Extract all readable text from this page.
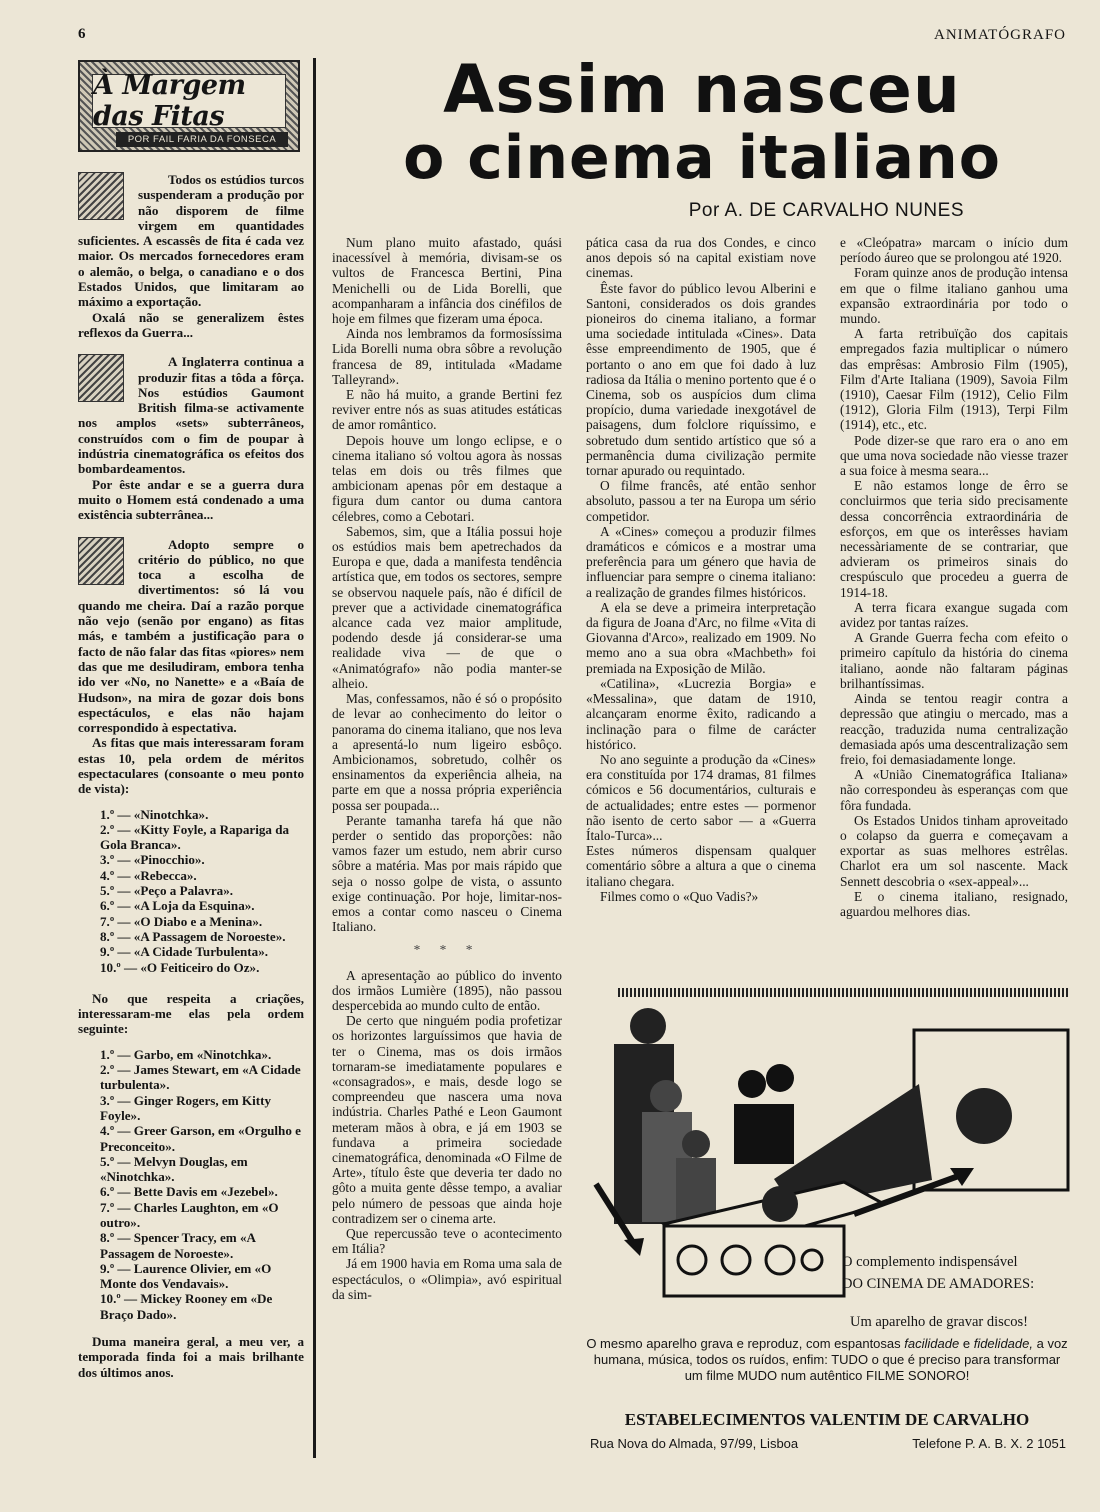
6	ANIMATÓGRAFO
À Margem das Fitas
POR FAIL FARIA DA FONSECA

Todos os estúdios turcos suspenderam a produção por não disporem de filme virgem em quantidades suficientes. A escassês de fita é cada vez maior. Os mercados fornecedores eram o alemão, o belga, o canadiano e o dos Estados Unidos, que limitaram ao máximo a exportação.

Oxalá não se generalizem êstes reflexos da Guerra...

A Inglaterra continua a produzir fitas a tôda a fôrça. Nos estúdios Gaumont British filma-se activamente nos amplos «sets» subterrâneos, construídos com o fim de poupar à indústria cinematográfica os efeitos dos bombardeamentos.

Por êste andar e se a guerra dura muito o Homem está condenado a uma existência subterrânea...

Adopto sempre o critério do público, no que toca a escolha de divertimentos: só lá vou quando me cheira. Daí a razão porque não vejo (senão por engano) as fitas más, e também a justificação para o facto de não falar das fitas «piores» nem das que me desiludiram, embora tenha ido ver «No, no Nanette» e a «Baía de Hudson», na mira de gozar dois bons espectáculos, e elas não hajam correspondido à espectativa.

As fitas que mais interessaram foram estas 10, pela ordem de méritos espectaculares (consoante o meu ponto de vista):

1.º — «Ninotchka».
2.º — «Kitty Foyle, a Rapariga da Gola Branca».
3.º — «Pinocchio».
4.º — «Rebecca».
5.º — «Peço a Palavra».
6.º — «A Loja da Esquina».
7.º — «O Diabo e a Menina».
8.º — «A Passagem de Noroeste».
9.º — «A Cidade Turbulenta».
10.º — «O Feiticeiro do Oz».

No que respeita a criações, interessaram-me elas pela ordem seguinte:

1.º — Garbo, em «Ninotchka».
2.º — James Stewart, em «A Cidade turbulenta».
3.º — Ginger Rogers, em Kitty Foyle».
4.º — Greer Garson, em «Orgulho e Preconceito».
5.º — Melvyn Douglas, em «Ninotchka».
6.º — Bette Davis em «Jezebel».
7.º — Charles Laughton, em «O outro».
8.º — Spencer Tracy, em «A Passagem de Noroeste».
9.º — Laurence Olivier, em «O Monte dos Vendavais».
10.º — Mickey Rooney em «De Braço Dado».

Duma maneira geral, a meu ver, a temporada finda foi a mais brilhante dos últimos anos.

Assim nasceu
o cinema italiano
Por A. DE CARVALHO NUNES

Num plano muito afastado, quási inacessível à memória, divisam-se os vultos de Francesca Bertini, Pina Menichelli ou de Lida Borelli, que acompanharam a infância dos cinéfilos de hoje em filmes que fizeram uma época.

Ainda nos lembramos da formosíssima Lida Borelli numa obra sôbre a revolução francesa de 89, intitulada «Madame Talleyrand».

E não há muito, a grande Bertini fez reviver entre nós as suas atitudes estáticas de amor romântico.

Depois houve um longo eclipse, e o cinema italiano só voltou agora às nossas telas em dois ou três filmes que ambicionam apenas pôr em destaque a figura dum cantor ou duma cantora célebres, como a Cebotari.

Sabemos, sim, que a Itália possui hoje os estúdios mais bem apetrechados da Europa e que, dada a manifesta tendência artística que, em todos os sectores, sempre se observou naquele país, não é difícil de prever que a actividade cinematográfica alcance cada vez maior amplitude, podendo desde já considerar-se uma realidade viva — de que o «Animatógrafo» não podia manter-se alheio.

Mas, confessamos, não é só o propósito de levar ao conhecimento do leitor o panorama do cinema italiano, que nos leva a apresentá-lo num ligeiro esbôço. Ambicionamos, sobretudo, colhêr os ensinamentos da experiência alheia, na parte em que a nossa própria experiência possa ser poupada...

Perante tamanha tarefa há que não perder o sentido das proporções: não vamos fazer um estudo, nem abrir curso sôbre a matéria. Mas por mais rápido que seja o nosso golpe de vista, o assunto exige continuação. Por hoje, limitar-nos-emos a contar como nasceu o Cinema Italiano.

* * *

A apresentação ao público do invento dos irmãos Lumière (1895), não passou despercebida ao mundo culto de então.

De certo que ninguém podia profetizar os horizontes larguíssimos que havia de ter o Cinema, mas os dois irmãos tornaram-se imediatamente populares e «consagrados», e mais, desde logo se compreendeu que nascera uma nova indústria. Charles Pathé e Leon Gaumont meteram mãos à obra, e já em 1903 se fundava a primeira sociedade cinematográfica, denominada «O Filme de Arte», título êste que deveria ter dado no gôto a muita gente dêsse tempo, a avaliar pelo número de pessoas que ainda hoje contradizem ser o cinema arte.

Que repercussão teve o acontecimento em Itália?

Já em 1900 havia em Roma uma sala de espectáculos, o «Olimpia», avó espiritual da sim-

pática casa da rua dos Condes, e cinco anos depois só na capital existiam nove cinemas.

Êste favor do público levou Alberini e Santoni, considerados os dois grandes pioneiros do cinema italiano, a formar uma sociedade intitulada «Cines». Data êsse empreendimento de 1905, que é portanto o ano em que foi dado à luz radiosa da Itália o menino portento que é o Cinema, sob os auspícios dum clima propício, duma variedade inexgotável de paisagens, dum folclore riquíssimo, e sobretudo dum sentido artístico que só a permanência duma civilização permite tornar apurado ou requintado.

O filme francês, até então senhor absoluto, passou a ter na Europa um sério competidor.

A «Cines» começou a produzir filmes dramáticos e cómicos e a mostrar uma preferência para um género que havia de influenciar para sempre o cinema italiano: a realização de grandes filmes históricos.

A ela se deve a primeira interpretação da figura de Joana d'Arc, no filme «Vita di Giovanna d'Arco», realizado em 1909. No memo ano a sua obra «Machbeth» foi premiada na Exposição de Milão.

«Catilina», «Lucrezia Borgia» e «Messalina», que datam de 1910, alcançaram enorme êxito, radicando a inclinação para o filme de carácter histórico.

No ano seguinte a produção da «Cines» era constituída por 174 dramas, 81 filmes cómicos e 56 documentários, culturais e de actualidades; entre estes — pormenor não isento de certo sabor — a «Guerra Ítalo-Turca»...

Estes números dispensam qualquer comentário sôbre a altura a que o cinema italiano chegara.

Filmes como o «Quo Vadis?»

e «Cleópatra» marcam o início dum período áureo que se prolongou até 1920.

Foram quinze anos de produção intensa em que o filme italiano ganhou uma expansão extraordinária por todo o mundo.

A farta retribuïção dos capitais empregados fazia multiplicar o número das emprêsas: Ambrosio Film (1905), Film d'Arte Italiana (1909), Savoia Film (1910), Caesar Film (1912), Celio Film (1912), Gloria Film (1913), Terpi Film (1914), etc., etc.

Pode dizer-se que raro era o ano em que uma nova sociedade não viesse trazer a sua foice à mesma seara...

E não estamos longe de êrro se concluirmos que teria sido precisamente dessa concorrência extraordinária de esforços, em que os interêsses haviam necessàriamente de se contrariar, que advieram os primeiros sinais do crespúsculo que procedeu a guerra de 1914-18.

A terra ficara exangue sugada com avidez por tantas raízes.

A Grande Guerra fecha com efeito o primeiro capítulo da história do cinema italiano, aonde não faltaram páginas brilhantíssimas.

Ainda se tentou reagir contra a depressão que atingiu o mercado, mas a reacção, traduzida numa centralização demasiada após uma descentralização sem freio, foi demasiadamente longe.

A «União Cinematográfica Italiana» não correspondeu às esperanças com que fôra fundada.

Os Estados Unidos tinham aproveitado o colapso da guerra e começavam a exportar as suas melhores estrêlas. Charlot era um sol nascente. Mack Sennett descobria o «sex-appeal»...

E o cinema italiano, resignado, aguardou melhores dias.

O complemento indispensável
DO CINEMA DE AMADORES:
Um aparelho de gravar discos!
O mesmo aparelho grava e reproduz, com espantosas facilidade e fidelidade, a voz humana, música, todos os ruídos, enfim: TUDO o que é preciso para transformar um filme MUDO num autêntico FILME SONORO!
ESTABELECIMENTOS VALENTIM DE CARVALHO
Rua Nova do Almada, 97/99, Lisboa	Telefone P. A. B. X. 2 1051
